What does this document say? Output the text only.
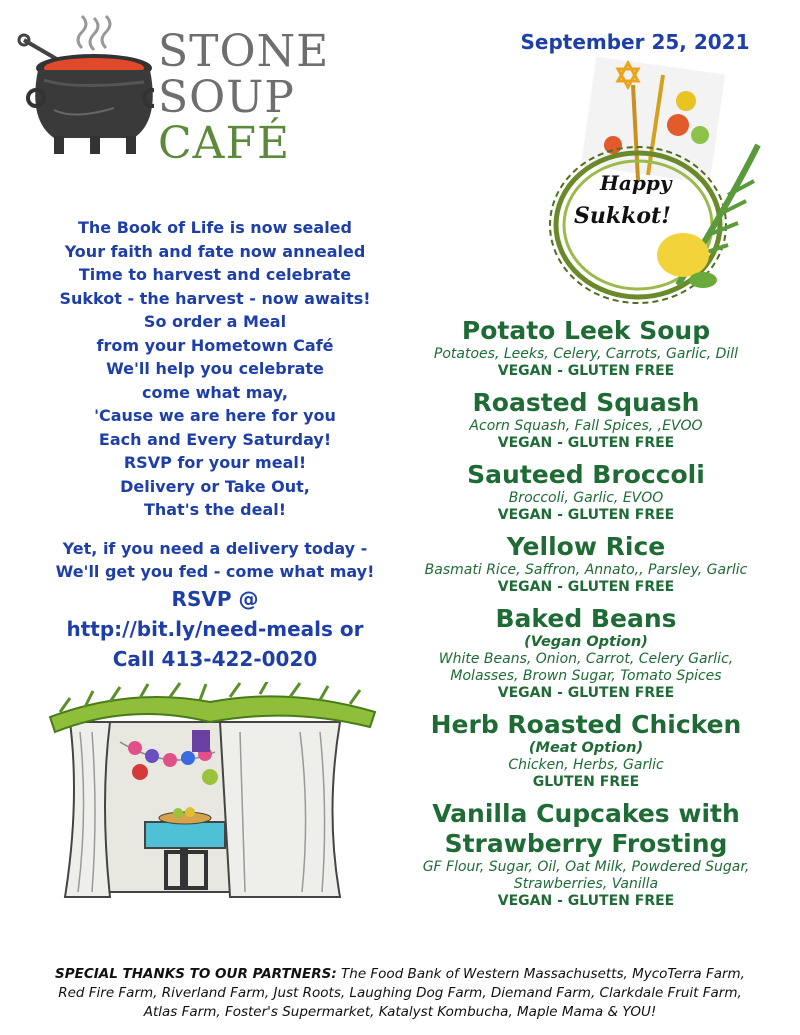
STONE
SOUP
CAFÉ
September 25, 2021
Happy
Sukkot!
The Book of Life is now sealed
Your faith and fate now annealed
Time to harvest and celebrate
Sukkot - the harvest - now awaits!
So order a Meal
from your Hometown Café
We'll help you celebrate
come what may,
'Cause we are here for you
Each and Every Saturday!
RSVP for your meal!
Delivery or Take Out,
That's the deal!
Yet, if you need a delivery today -
We'll get you fed - come what may!
RSVP @
http://bit.ly/need-meals or
Call 413-422-0020
Potato Leek Soup
Potatoes, Leeks, Celery, Carrots, Garlic, Dill
VEGAN - GLUTEN FREE
Roasted Squash
Acorn Squash, Fall Spices, ,EVOO
VEGAN - GLUTEN FREE
Sauteed Broccoli
Broccoli, Garlic, EVOO
VEGAN - GLUTEN FREE
Yellow Rice
Basmati Rice, Saffron, Annato,, Parsley, Garlic
VEGAN - GLUTEN FREE
Baked Beans
(Vegan Option)
White Beans, Onion, Carrot, Celery Garlic,
Molasses, Brown Sugar, Tomato Spices
VEGAN - GLUTEN FREE
Herb Roasted Chicken
(Meat Option)
Chicken, Herbs, Garlic
GLUTEN FREE
Vanilla Cupcakes with
Strawberry Frosting
GF Flour, Sugar, Oil, Oat Milk, Powdered Sugar,
Strawberries, Vanilla
VEGAN - GLUTEN FREE
SPECIAL THANKS TO OUR PARTNERS: The Food Bank of Western Massachusetts, MycoTerra Farm,
Red Fire Farm, Riverland Farm, Just Roots, Laughing Dog Farm, Diemand Farm, Clarkdale Fruit Farm,
Atlas Farm, Foster's Supermarket, Katalyst Kombucha, Maple Mama & YOU!
